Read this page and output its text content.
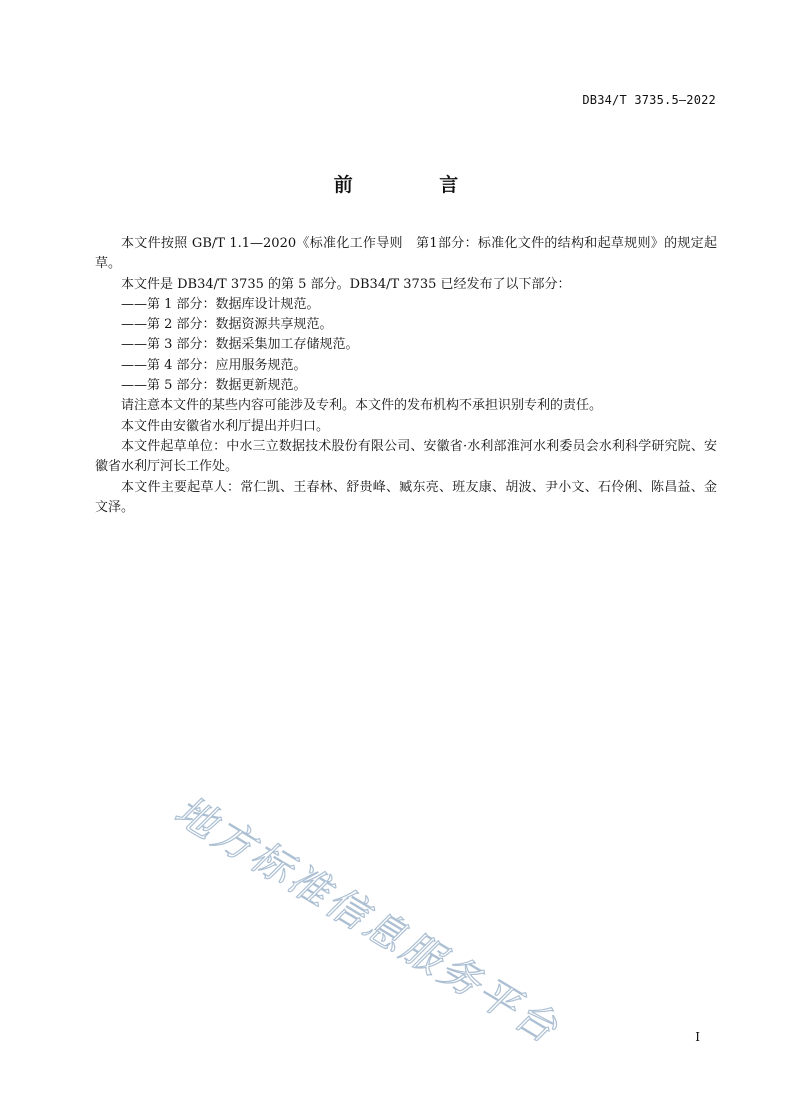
DB34/T 3735.5—2022
前 言

本文件按照 GB/T 1.1—2020《标准化工作导则　第1部分：标准化文件的结构和起草规则》的规定起草。

本文件是 DB34/T 3735 的第 5 部分。DB34/T 3735 已经发布了以下部分：

——第 1 部分：数据库设计规范。

——第 2 部分：数据资源共享规范。

——第 3 部分：数据采集加工存储规范。

——第 4 部分：应用服务规范。

——第 5 部分：数据更新规范。

请注意本文件的某些内容可能涉及专利。本文件的发布机构不承担识别专利的责任。

本文件由安徽省水利厅提出并归口。

本文件起草单位：中水三立数据技术股份有限公司、安徽省·水利部淮河水利委员会水利科学研究院、安徽省水利厅河长工作处。

本文件主要起草人：常仁凯、王春林、舒贵峰、臧东亮、班友康、胡波、尹小文、石伶俐、陈昌益、金文泽。

地方标准信息服务平台	I
